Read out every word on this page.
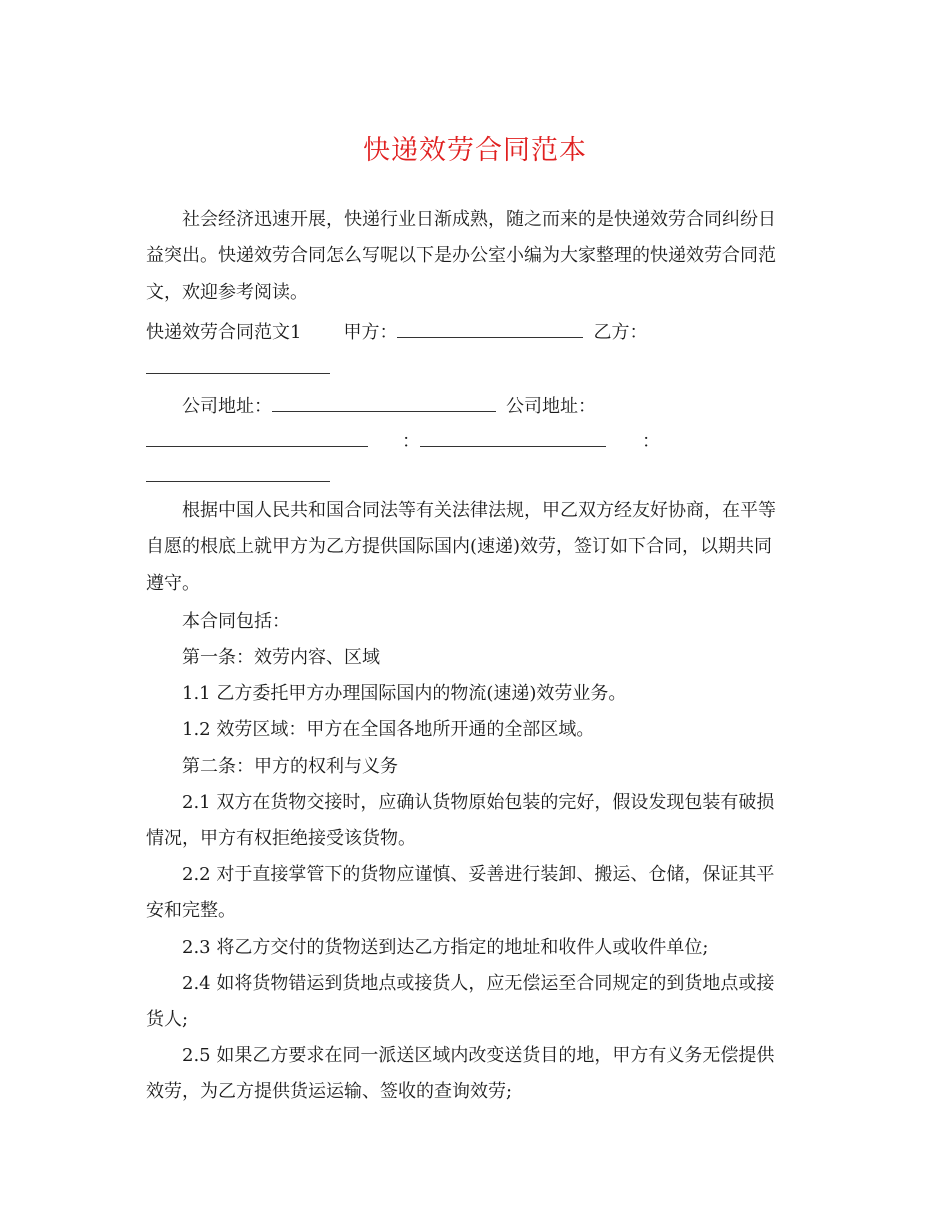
快递效劳合同范本
社会经济迅速开展，快递行业日渐成熟，随之而来的是快递效劳合同纠纷日
益突出。快递效劳合同怎么写呢以下是办公室小编为大家整理的快递效劳合同范
文，欢迎参考阅读。
快递效劳合同范文1 甲方：	乙方：
公司地址：	公司地址：
：	：
根据中国人民共和国合同法等有关法律法规，甲乙双方经友好协商，在平等
自愿的根底上就甲方为乙方提供国际国内(速递)效劳，签订如下合同，以期共同
遵守。
本合同包括：
第一条：效劳内容、区域
1.1 乙方委托甲方办理国际国内的物流(速递)效劳业务。
1.2 效劳区域：甲方在全国各地所开通的全部区域。
第二条：甲方的权利与义务
2.1 双方在货物交接时，应确认货物原始包装的完好，假设发现包装有破损
情况，甲方有权拒绝接受该货物。
2.2 对于直接掌管下的货物应谨慎、妥善进行装卸、搬运、仓储，保证其平
安和完整。
2.3 将乙方交付的货物送到达乙方指定的地址和收件人或收件单位;
2.4 如将货物错运到货地点或接货人，应无偿运至合同规定的到货地点或接
货人;
2.5 如果乙方要求在同一派送区域内改变送货目的地，甲方有义务无偿提供
效劳，为乙方提供货运运输、签收的查询效劳;
